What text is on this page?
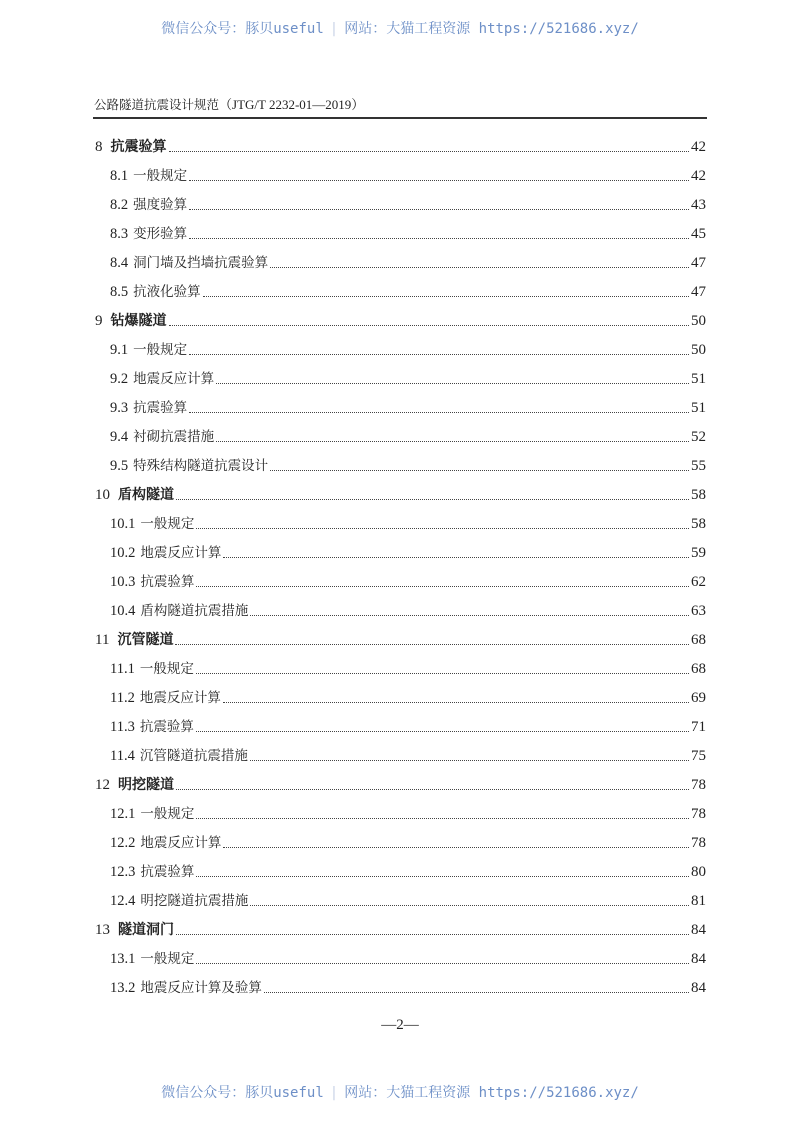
微信公众号：豚贝useful | 网站：大猫工程资源 https://521686.xyz/
公路隧道抗震设计规范（JTG/T 2232-01—2019）
8 抗震验算	42
8.1 一般规定	42
8.2 强度验算	43
8.3 变形验算	45
8.4 洞门墙及挡墙抗震验算	47
8.5 抗液化验算	47
9 钻爆隧道	50
9.1 一般规定	50
9.2 地震反应计算	51
9.3 抗震验算	51
9.4 衬砌抗震措施	52
9.5 特殊结构隧道抗震设计	55
10 盾构隧道	58
10.1 一般规定	58
10.2 地震反应计算	59
10.3 抗震验算	62
10.4 盾构隧道抗震措施	63
11 沉管隧道	68
11.1 一般规定	68
11.2 地震反应计算	69
11.3 抗震验算	71
11.4 沉管隧道抗震措施	75
12 明挖隧道	78
12.1 一般规定	78
12.2 地震反应计算	78
12.3 抗震验算	80
12.4 明挖隧道抗震措施	81
13 隧道洞门	84
13.1 一般规定	84
13.2 地震反应计算及验算	84
—2—
微信公众号：豚贝useful | 网站：大猫工程资源 https://521686.xyz/
